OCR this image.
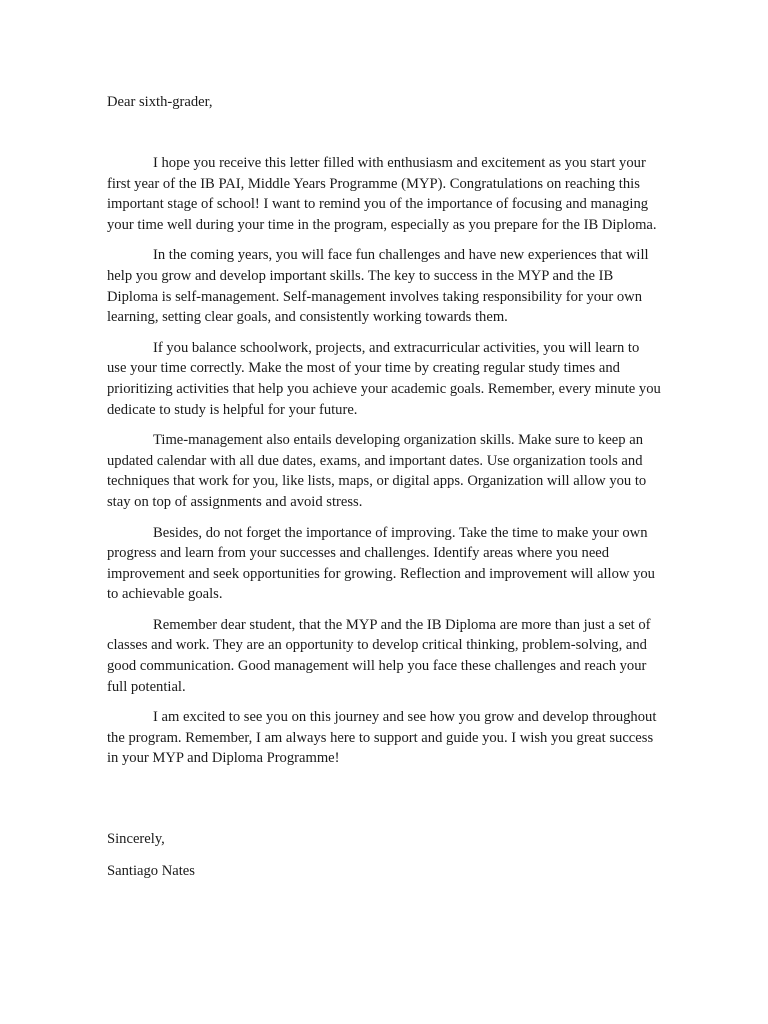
Dear sixth-grader,

I hope you receive this letter filled with enthusiasm and excitement as you start your first year of the IB PAI, Middle Years Programme (MYP). Congratulations on reaching this important stage of school! I want to remind you of the importance of focusing and managing your time well during your time in the program, especially as you prepare for the IB Diploma.

In the coming years, you will face fun challenges and have new experiences that will help you grow and develop important skills. The key to success in the MYP and the IB Diploma is self-management. Self-management involves taking responsibility for your own learning, setting clear goals, and consistently working towards them.

If you balance schoolwork, projects, and extracurricular activities, you will learn to use your time correctly. Make the most of your time by creating regular study times and prioritizing activities that help you achieve your academic goals. Remember, every minute you dedicate to study is helpful for your future.

Time-management also entails developing organization skills. Make sure to keep an updated calendar with all due dates, exams, and important dates. Use organization tools and techniques that work for you, like lists, maps, or digital apps. Organization will allow you to stay on top of assignments and avoid stress.

Besides, do not forget the importance of improving. Take the time to make your own progress and learn from your successes and challenges. Identify areas where you need improvement and seek opportunities for growing. Reflection and improvement will allow you to achievable goals.

Remember dear student, that the MYP and the IB Diploma are more than just a set of classes and work. They are an opportunity to develop critical thinking, problem-solving, and good communication. Good management will help you face these challenges and reach your full potential.

I am excited to see you on this journey and see how you grow and develop throughout the program. Remember, I am always here to support and guide you. I wish you great success in your MYP and Diploma Programme!

Sincerely,

Santiago Nates
